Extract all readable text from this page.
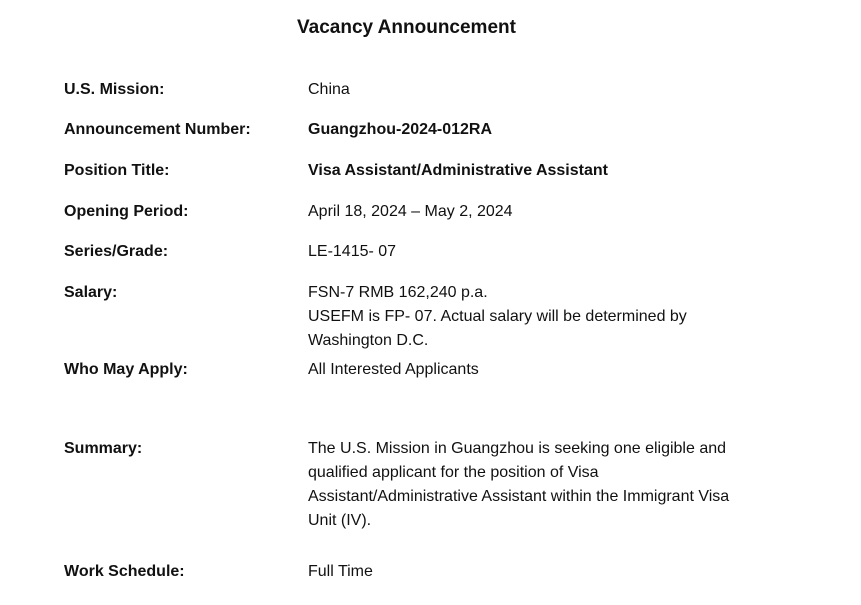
Vacancy Announcement
U.S. Mission:	China
Announcement Number:	Guangzhou-2024-012RA
Position Title:	Visa Assistant/Administrative Assistant
Opening Period:	April 18, 2024 – May 2, 2024
Series/Grade:	LE-1415- 07
Salary:	FSN-7 RMB 162,240 p.a.
USEFM is FP- 07. Actual salary will be determined by
Washington D.C.
Who May Apply:	All Interested Applicants
Summary:	The U.S. Mission in Guangzhou is seeking one eligible and
qualified applicant for the position of Visa
Assistant/Administrative Assistant within the Immigrant Visa
Unit (IV).
Work Schedule:	Full Time
